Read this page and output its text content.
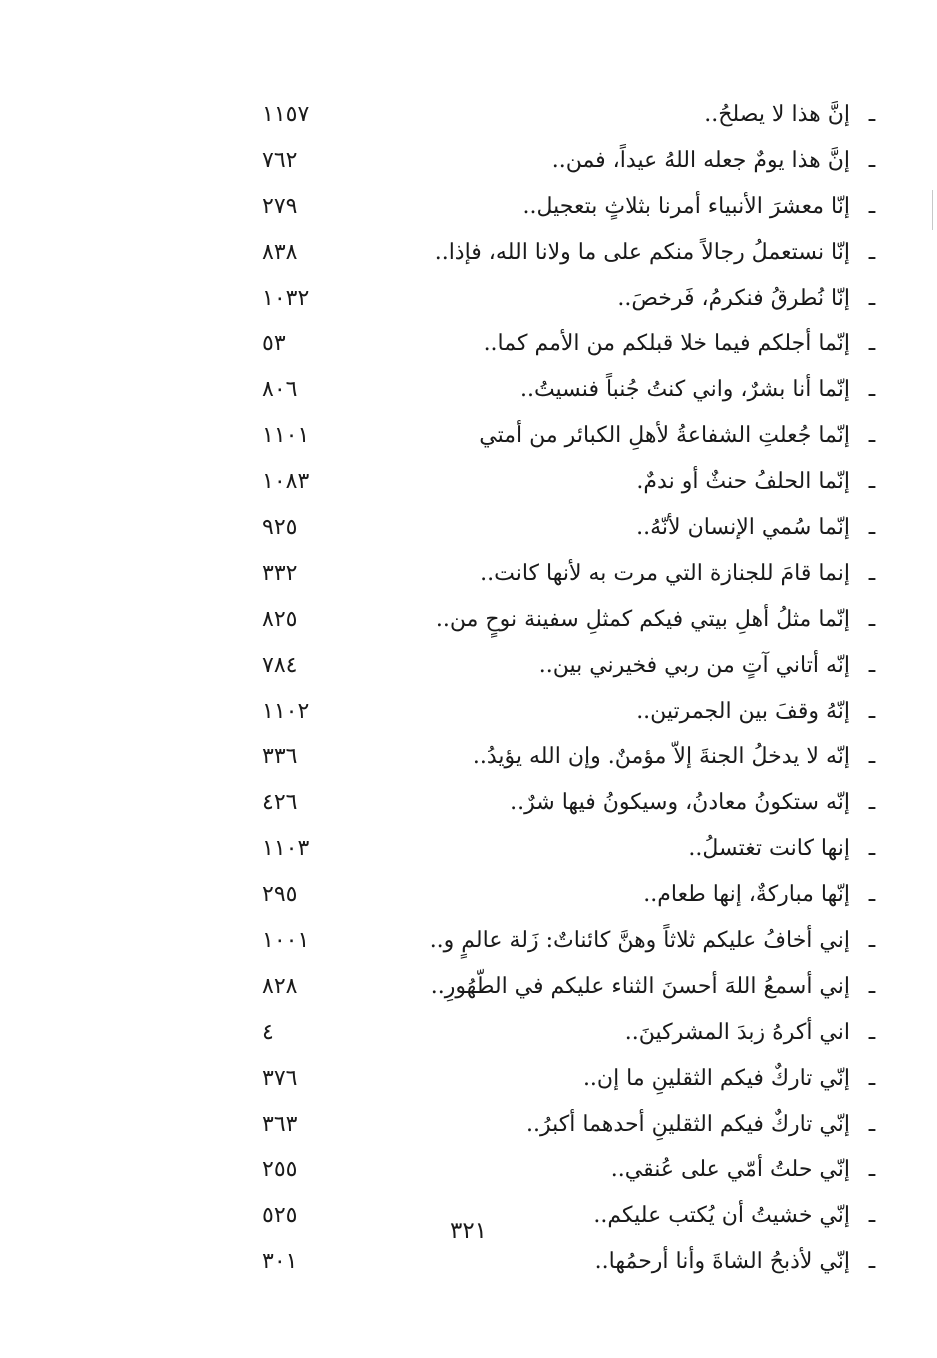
ـ
إنَّ هذا لا يصلحُ..
١١٥٧
ـ
إنَّ هذا يومٌ جعله اللهُ عيداً، فمن..
٧٦٢
ـ
إنّا معشرَ الأنبياء أمرنا بثلاثٍ بتعجيل..
٢٧٩
ـ
إنّا نستعملُ رجالاً منكم على ما ولانا الله، فإذا..
٨٣٨
ـ
إنّا نُطرقُ فنكرمُ، فَرخصَ..
١٠٣٢
ـ
إنّما أجلكم فيما خلا قبلكم من الأمم كما..
٥٣
ـ
إنّما أنا بشرٌ، واني كنتُ جُنباً فنسيتُ..
٨٠٦
ـ
إنّما جُعلتِ الشفاعةُ لأهلِ الكبائر من أمتي
١١٠١
ـ
إنّما الحلفُ حنثٌ أو ندمٌ.
١٠٨٣
ـ
إنّما سُمي الإنسان لأنّهُ..
٩٢٥
ـ
إنما قامَ للجنازة التي مرت به لأنها كانت..
٣٣٢
ـ
إنّما مثلُ أهلِ بيتي فيكم كمثلِ سفينة نوحٍ من..
٨٢٥
ـ
إنّه أتاني آتٍ من ربي فخيرني بين..
٧٨٤
ـ
إنّهُ وقفَ بين الجمرتين..
١١٠٢
ـ
إنّه لا يدخلُ الجنةَ إلاّ مؤمنٌ. وإن الله يؤيدُ..
٣٣٦
ـ
إنّه ستكونُ معادنُ، وسيكونُ فيها شرٌ..
٤٢٦
ـ
إنها كانت تغتسلُ..
١١٠٣
ـ
إنّها مباركةٌ، إنها طعام..
٢٩٥
ـ
إني أخافُ عليكم ثلاثاً وهنَّ كائناتٌ: زَلة عالمٍ و..
١٠٠١
ـ
إني أسمعُ اللهَ أحسنَ الثناء عليكم في الطّهُورِ..
٨٢٨
ـ
اني أكرهُ زبدَ المشركينَ..
٤
ـ
إنّي تاركٌ فيكم الثقلينِ ما إن..
٣٧٦
ـ
إنّي تاركٌ فيكم الثقلينِ أحدهما أكبرُ..
٣٦٣
ـ
إنّي حلتُ أمّي على عُنقي..
٢٥٥
ـ
إنّي خشيتُ أن يُكتب عليكم..
٥٢٥
ـ
إنّي لأذبحُ الشاةَ وأنا أرحمُها..
٣٠١
٣٢١
